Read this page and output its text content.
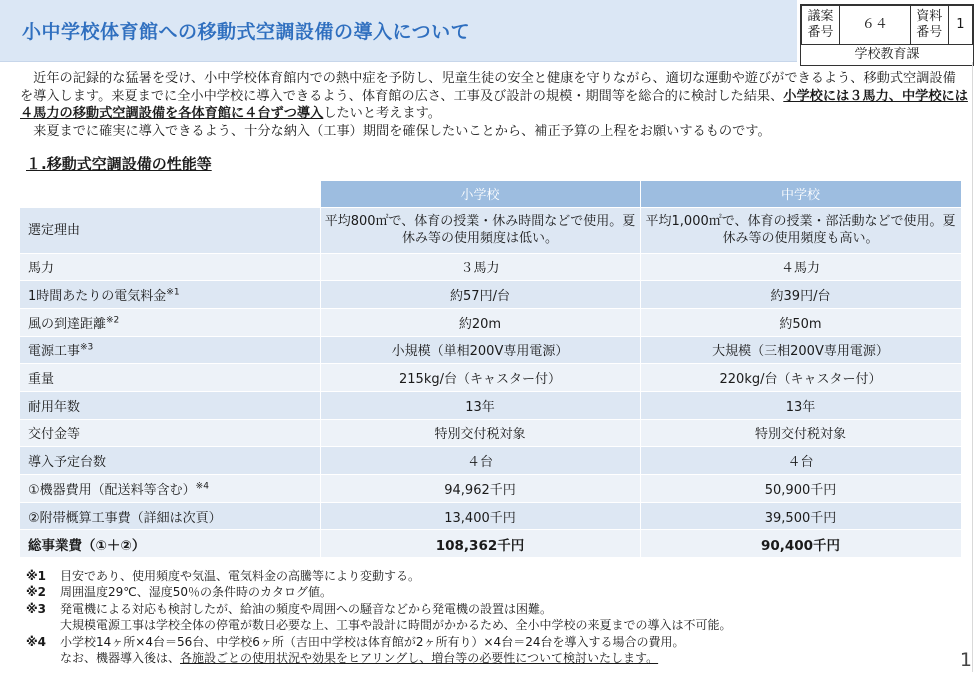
小中学校体育館への移動式空調設備の導入について
議案番号	６４	資料番号	1
学校教育課
　近年の記録的な猛暑を受け、小中学校体育館内での熱中症を予防し、児童生徒の安全と健康を守りながら、適切な運動や遊びができるよう、移動式空調設備を導入します。来夏までに全小中学校に導入できるよう、体育館の広さ、工事及び設計の規模・期間等を総合的に検討した結果、小学校には３馬力、中学校には４馬力の移動式空調設備を各体育館に４台ずつ導入したいと考えます。
　来夏までに確実に導入できるよう、十分な納入（工事）期間を確保したいことから、補正予算の上程をお願いするものです。
１.移動式空調設備の性能等
	小学校	中学校
選定理由	平均800㎡で、体育の授業・休み時間などで使用。夏休み等の使用頻度は低い。	平均1,000㎡で、体育の授業・部活動などで使用。夏休み等の使用頻度も高い。
馬力	３馬力	４馬力
1時間あたりの電気料金$^{※1}$	約57円/台	約39円/台
風の到達距離$^{※2}$	約20m	約50m
電源工事$^{※3}$	小規模（単相200V専用電源）	大規模（三相200V専用電源）
重量	215kg/台（キャスター付）	220kg/台（キャスター付）
耐用年数	13年	13年
交付金等	特別交付税対象	特別交付税対象
導入予定台数	４台	４台
①機器費用（配送料等含む）$^{※4}$	94,962千円	50,900千円
②附帯概算工事費（詳細は次頁）	13,400千円	39,500千円
総事業費（①＋②）	108,362千円	90,400千円
※1	目安であり、使用頻度や気温、電気料金の高騰等により変動する。
※2	周囲温度29℃、湿度50％の条件時のカタログ値。
※3	発電機による対応も検討したが、給油の頻度や周囲への騒音などから発電機の設置は困難。
大規模電源工事は学校全体の停電が数日必要な上、工事や設計に時間がかかるため、全小中学校の来夏までの導入は不可能。
※4	小学校14ヶ所×4台＝56台、中学校6ヶ所（吉田中学校は体育館が2ヶ所有り）×4台＝24台を導入する場合の費用。
なお、機器導入後は、各施設ごとの使用状況や効果をヒアリングし、増台等の必要性について検討いたします。	1
